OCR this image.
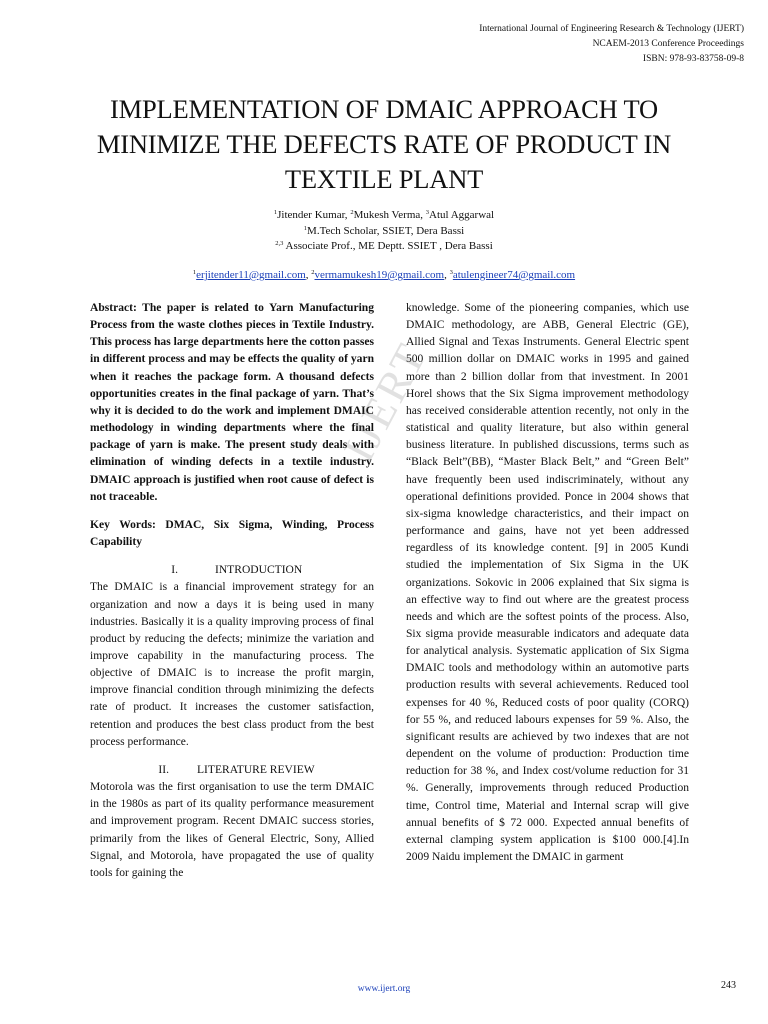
International Journal of Engineering Research & Technology (IJERT)
NCAEM-2013 Conference Proceedings
ISBN: 978-93-83758-09-8
IMPLEMENTATION OF DMAIC APPROACH TO
MINIMIZE THE DEFECTS RATE OF PRODUCT IN
TEXTILE PLANT
$^1$Jitender Kumar, $^2$Mukesh Verma, $^3$Atul Aggarwal
$^1$M.Tech Scholar, SSIET, Dera Bassi
$^{2,3}$ Associate Prof., ME Deptt. SSIET , Dera Bassi
$^1$erjitender11@gmail.com, $^2$vermamukesh19@gmail.com, $^3$atulengineer74@gmail.com

Abstract: The paper is related to Yarn Manufacturing Process from the waste clothes pieces in Textile Industry. This process has large departments here the cotton passes in different process and may be effects the quality of yarn when it reaches the package form. A thousand defects opportunities creates in the final package of yarn. That’s why it is decided to do the work and implement DMAIC methodology in winding departments where the final package of yarn is make. The present study deals with elimination of winding defects in a textile industry. DMAIC approach is justified when root cause of defect is not traceable.

Key Words: DMAC, Six Sigma, Winding, Process Capability

I.	INTRODUCTION

The DMAIC is a financial improvement strategy for an organization and now a days it is being used in many industries. Basically it is a quality improving process of final product by reducing the defects; minimize the variation and improve capability in the manufacturing process. The objective of DMAIC is to increase the profit margin, improve financial condition through minimizing the defects rate of product. It increases the customer satisfaction, retention and produces the best class product from the best process performance.

II. LITERATURE REVIEW

Motorola was the first organisation to use the term DMAIC in the 1980s as part of its quality performance measurement and improvement program. Recent DMAIC success stories, primarily from the likes of General Electric, Sony, Allied Signal, and Motorola, have propagated the use of quality tools for gaining the

knowledge. Some of the pioneering companies, which use DMAIC methodology, are ABB, General Electric (GE), Allied Signal and Texas Instruments. General Electric spent 500 million dollar on DMAIC works in 1995 and gained more than 2 billion dollar from that investment. In 2001 Horel shows that the Six Sigma improvement methodology has received considerable attention recently, not only in the statistical and quality literature, but also within general business literature. In published discussions, terms such as “Black Belt”(BB), “Master Black Belt,” and “Green Belt” have frequently been used indiscriminately, without any operational definitions provided. Ponce in 2004 shows that six-sigma knowledge characteristics, and their impact on performance and gains, have not yet been addressed regardless of its knowledge content. [9] in 2005 Kundi studied the implementation of Six Sigma in the UK organizations. Sokovic in 2006 explained that Six sigma is an effective way to find out where are the greatest process needs and which are the softest points of the process. Also, Six sigma provide measurable indicators and adequate data for analytical analysis. Systematic application of Six Sigma DMAIC tools and methodology within an automotive parts production results with several achievements. Reduced tool expenses for 40 %, Reduced costs of poor quality (CORQ) for 55 %, and reduced labours expenses for 59 %. Also, the significant results are achieved by two indexes that are not dependent on the volume of production: Production time reduction for 38 %, and Index cost/volume reduction for 31 %. Generally, improvements through reduced Production time, Control time, Material and Internal scrap will give annual benefits of $ 72 000. Expected annual benefits of external clamping system application is $100 000.[4].In 2009 Naidu implement the DMAIC in garment

IJERT
www.ijert.org	243
